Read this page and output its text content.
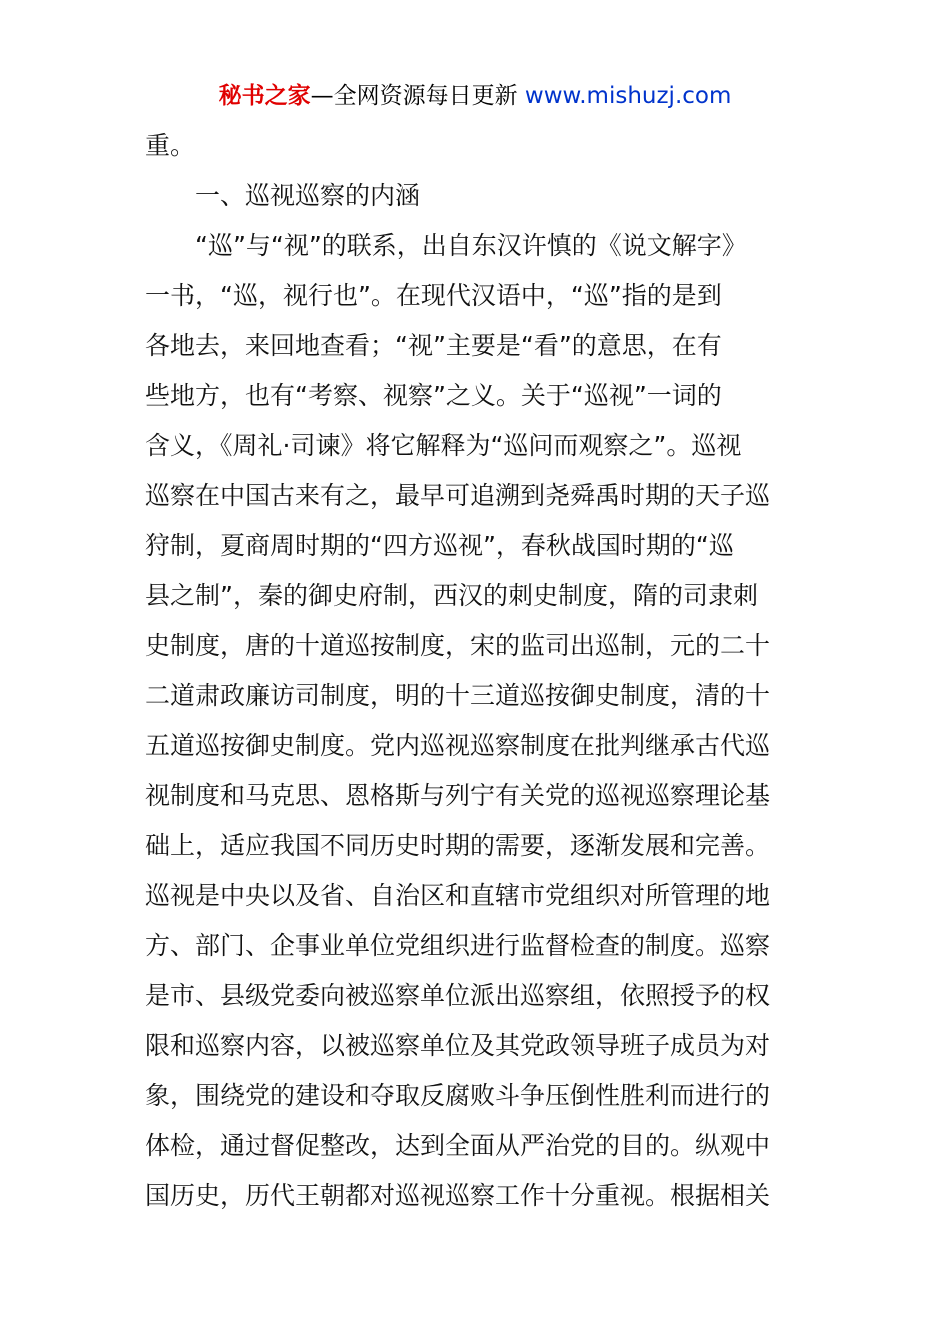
秘书之家—全网资源每日更新 www.mishuzj.com
重。
一、巡视巡察的内涵
“巡”与“视”的联系，出自东汉许慎的《说文解字》
一书，“巡，视行也”。在现代汉语中，“巡”指的是到
各地去，来回地查看；“视”主要是“看”的意思，在有
些地方，也有“考察、视察”之义。关于“巡视”一词的
含义，《周礼·司谏》将它解释为“巡问而观察之”。巡视
巡察在中国古来有之，最早可追溯到尧舜禹时期的天子巡
狩制，夏商周时期的“四方巡视”，春秋战国时期的“巡
县之制”，秦的御史府制，西汉的刺史制度，隋的司隶刺
史制度，唐的十道巡按制度，宋的监司出巡制，元的二十
二道肃政廉访司制度，明的十三道巡按御史制度，清的十
五道巡按御史制度。党内巡视巡察制度在批判继承古代巡
视制度和马克思、恩格斯与列宁有关党的巡视巡察理论基
础上，适应我国不同历史时期的需要，逐渐发展和完善。
巡视是中央以及省、自治区和直辖市党组织对所管理的地
方、部门、企事业单位党组织进行监督检查的制度。巡察
是市、县级党委向被巡察单位派出巡察组，依照授予的权
限和巡察内容，以被巡察单位及其党政领导班子成员为对
象，围绕党的建设和夺取反腐败斗争压倒性胜利而进行的
体检，通过督促整改，达到全面从严治党的目的。纵观中
国历史，历代王朝都对巡视巡察工作十分重视。根据相关
